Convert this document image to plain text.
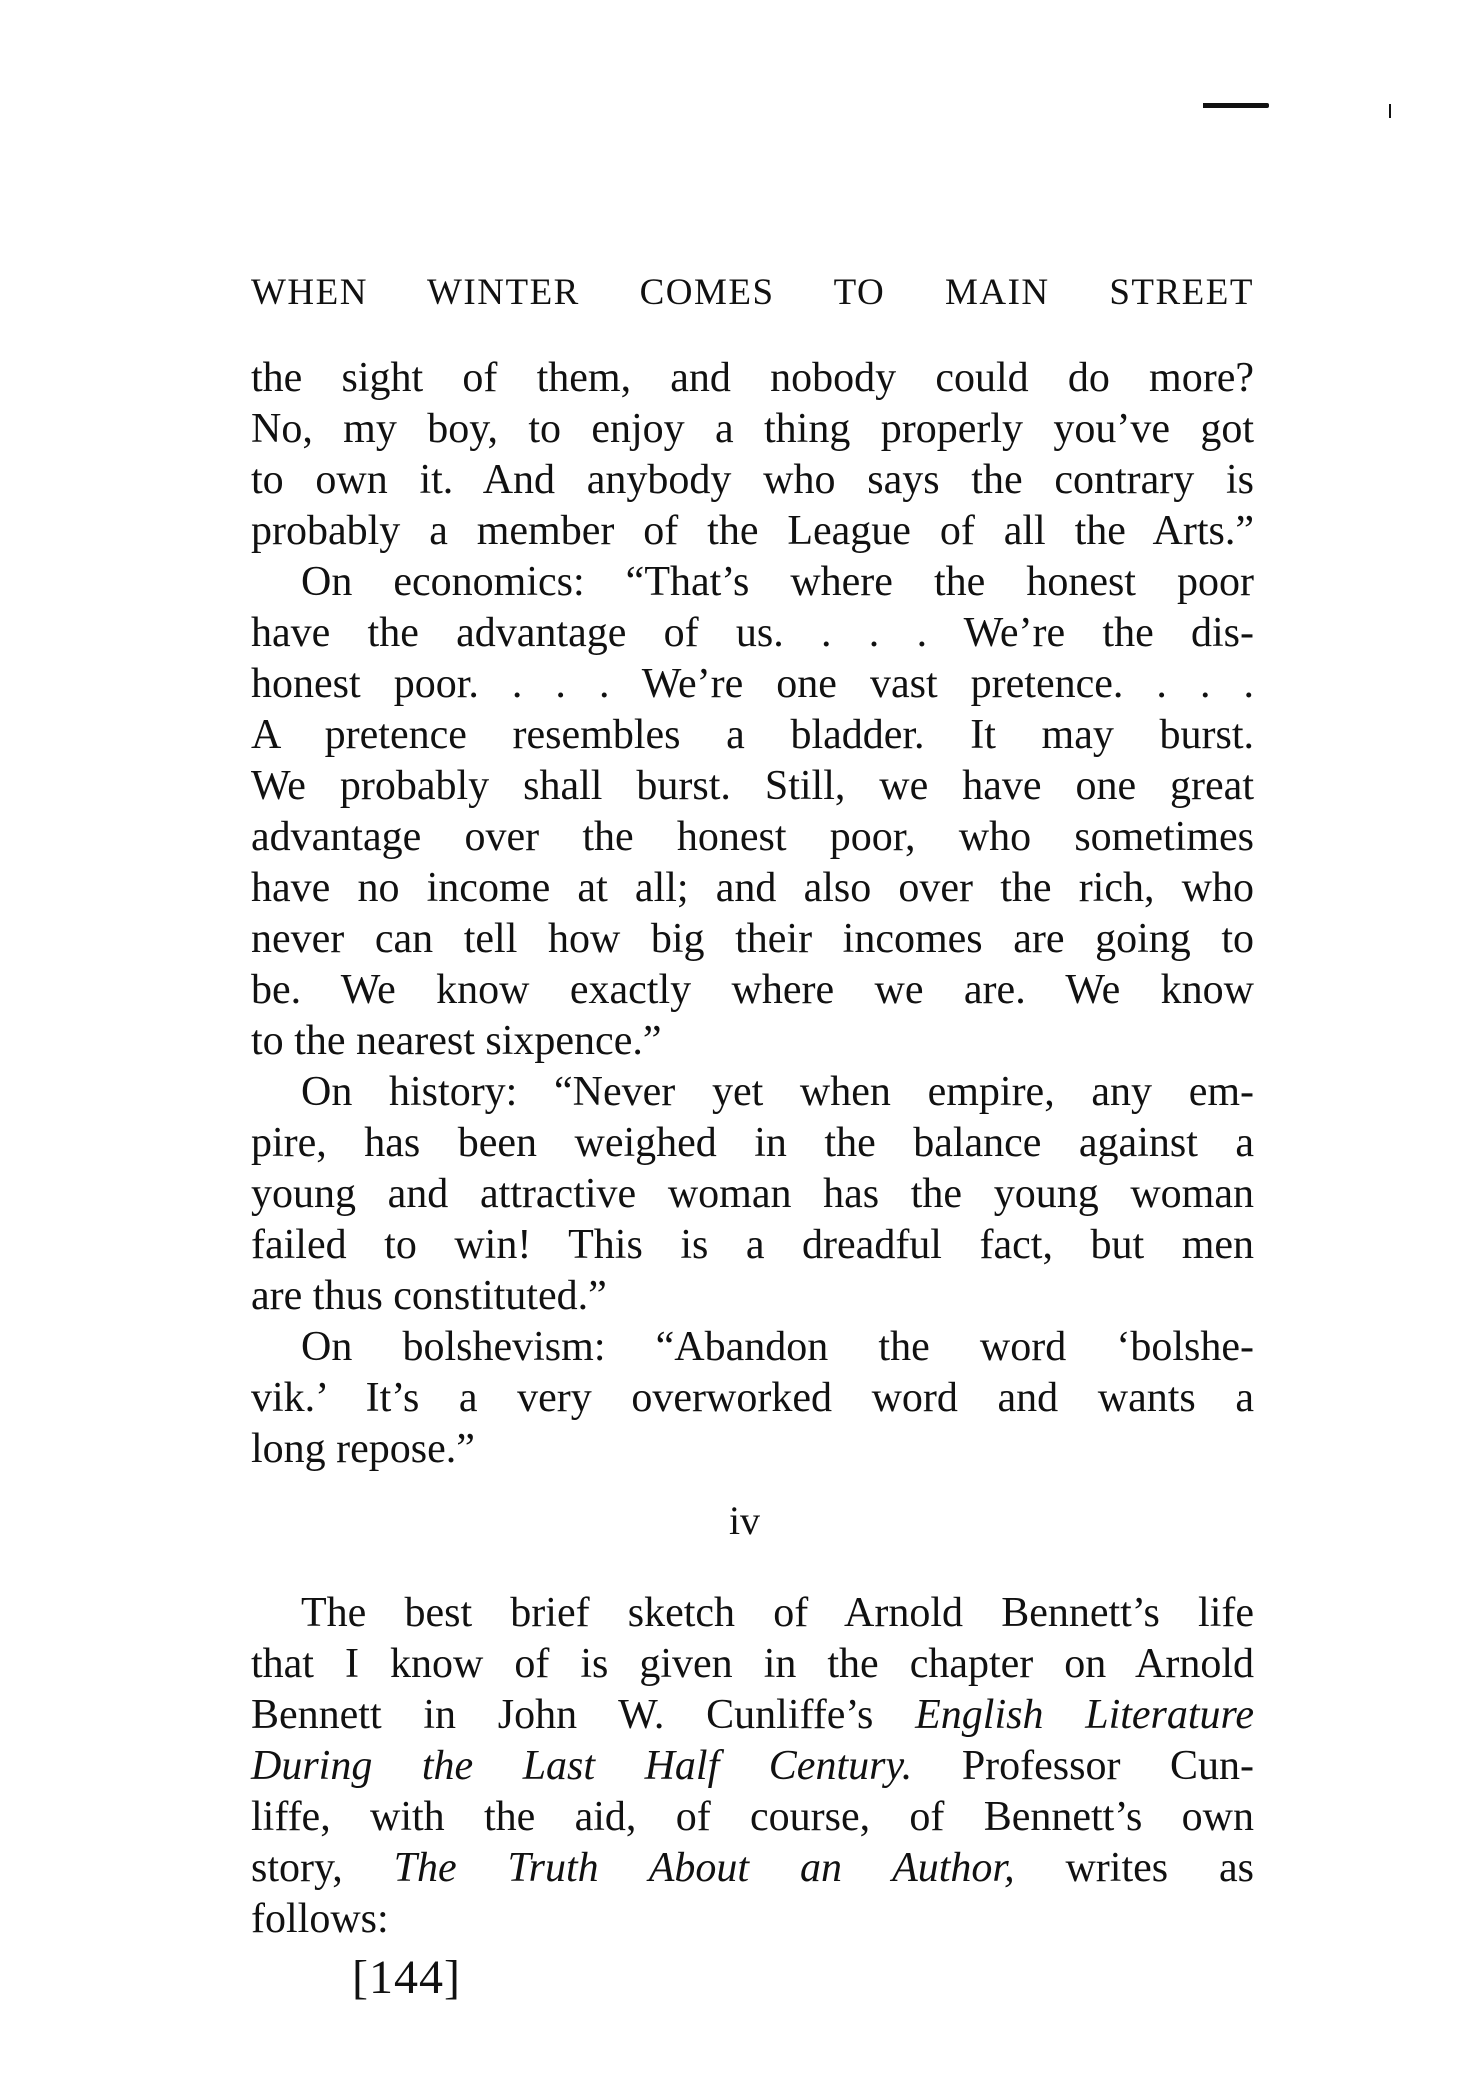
WHEN WINTER COMES TO MAIN STREET
the sight of them, and nobody could do more?
No, my boy, to enjoy a thing properly you’ve got
to own it. And anybody who says the contrary is
probably a member of the League of all the Arts.”
On economics: “That’s where the honest poor
have the advantage of us. . . . We’re the dis-
honest poor. . . . We’re one vast pretence. . . .
A pretence resembles a bladder. It may burst.
We probably shall burst. Still, we have one great
advantage over the honest poor, who sometimes
have no income at all; and also over the rich, who
never can tell how big their incomes are going to
be. We know exactly where we are. We know
to the nearest sixpence.”
On history: “Never yet when empire, any em-
pire, has been weighed in the balance against a
young and attractive woman has the young woman
failed to win! This is a dreadful fact, but men
are thus constituted.”
On bolshevism: “Abandon the word ‘bolshe-
vik.’ It’s a very overworked word and wants a
long repose.”
iv
The best brief sketch of Arnold Bennett’s life
that I know of is given in the chapter on Arnold
Bennett in John W. Cunliffe’s English Literature
During the Last Half Century. Professor Cun-
liffe, with the aid, of course, of Bennett’s own
story, The Truth About an Author, writes as
follows:
[144]
